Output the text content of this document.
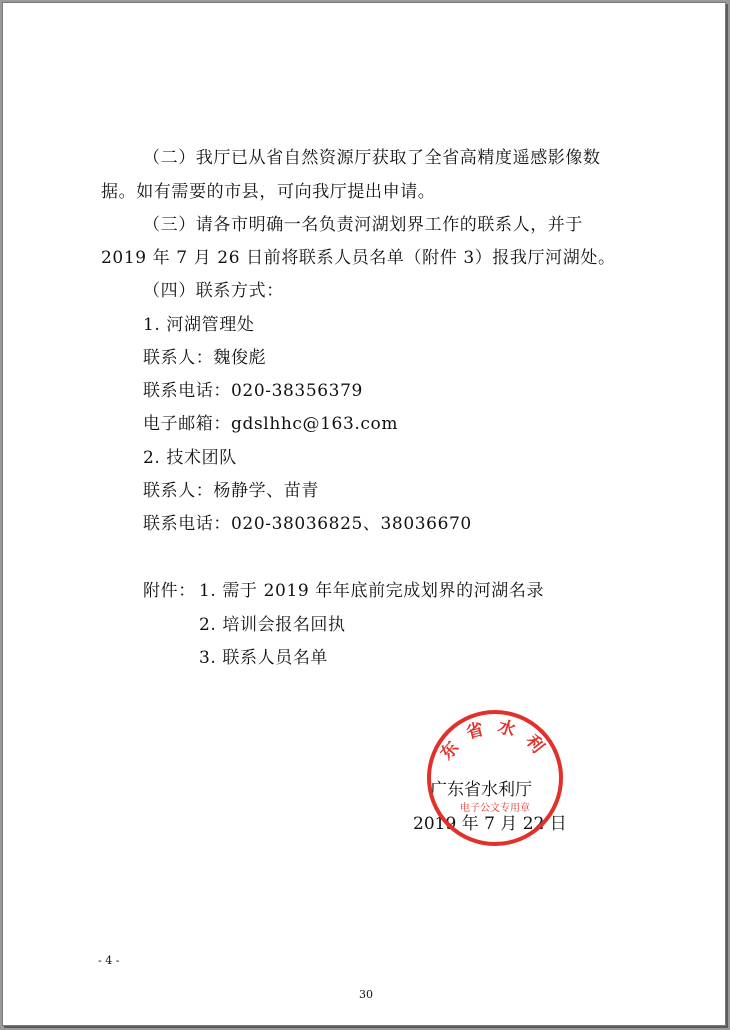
（二）我厅已从省自然资源厅获取了全省高精度遥感影像数
据。如有需要的市县，可向我厅提出申请。
（三）请各市明确一名负责河湖划界工作的联系人，并于
2019 年 7 月 26 日前将联系人员名单（附件 3）报我厅河湖处。
（四）联系方式：
1. 河湖管理处
联系人：魏俊彪
联系电话：020-38356379
电子邮箱：gdslhhc@163.com
2. 技术团队
联系人：杨静学、苗青
联系电话：020-38036825、38036670
附件： 1. 需于 2019 年年底前完成划界的河湖名录
2. 培训会报名回执
3. 联系人员名单
广东省水利厅
2019 年 7 月 22 日
东省水利
电子公文专用章
- 4 -
30
